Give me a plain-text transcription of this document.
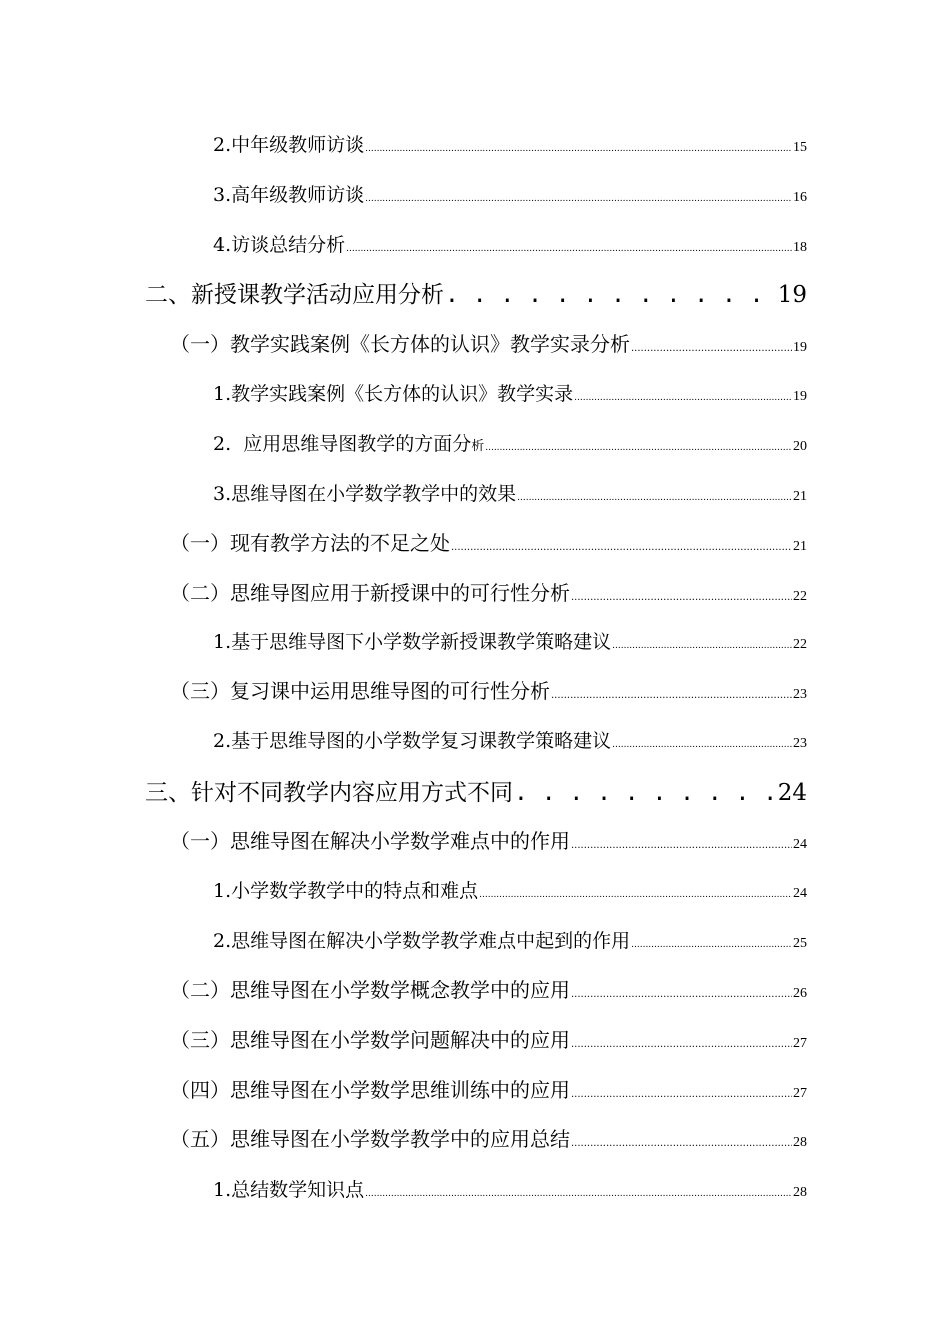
2.中年级教师访谈 .....	15
3.高年级教师访谈 .....	16
4.访谈总结分析 .....	18
二、新授课教学活动应用分析 . . .	19
（一）教学实践案例《长方体的认识》教学实录分析 .....	19
1.教学实践案例《长方体的认识》教学实录 .....	19
2.  应用思维导图教学的方面分析 .....	20
3.思维导图在小学数学教学中的效果 .....	21
（一）现有教学方法的不足之处 .....	21
（二）思维导图应用于新授课中的可行性分析 .....	22
1.基于思维导图下小学数学新授课教学策略建议 .....	22
（三）复习课中运用思维导图的可行性分析 .....	23
2.基于思维导图的小学数学复习课教学策略建议 .....	23
三、针对不同教学内容应用方式不同 . . .	24
（一）思维导图在解决小学数学难点中的作用 .....	24
1.小学数学教学中的特点和难点 .....	24
2.思维导图在解决小学数学教学难点中起到的作用 .....	25
（二）思维导图在小学数学概念教学中的应用 .....	26
（三）思维导图在小学数学问题解决中的应用 .....	27
（四）思维导图在小学数学思维训练中的应用 .....	27
（五）思维导图在小学数学教学中的应用总结 .....	28
1.总结数学知识点 .....	28
